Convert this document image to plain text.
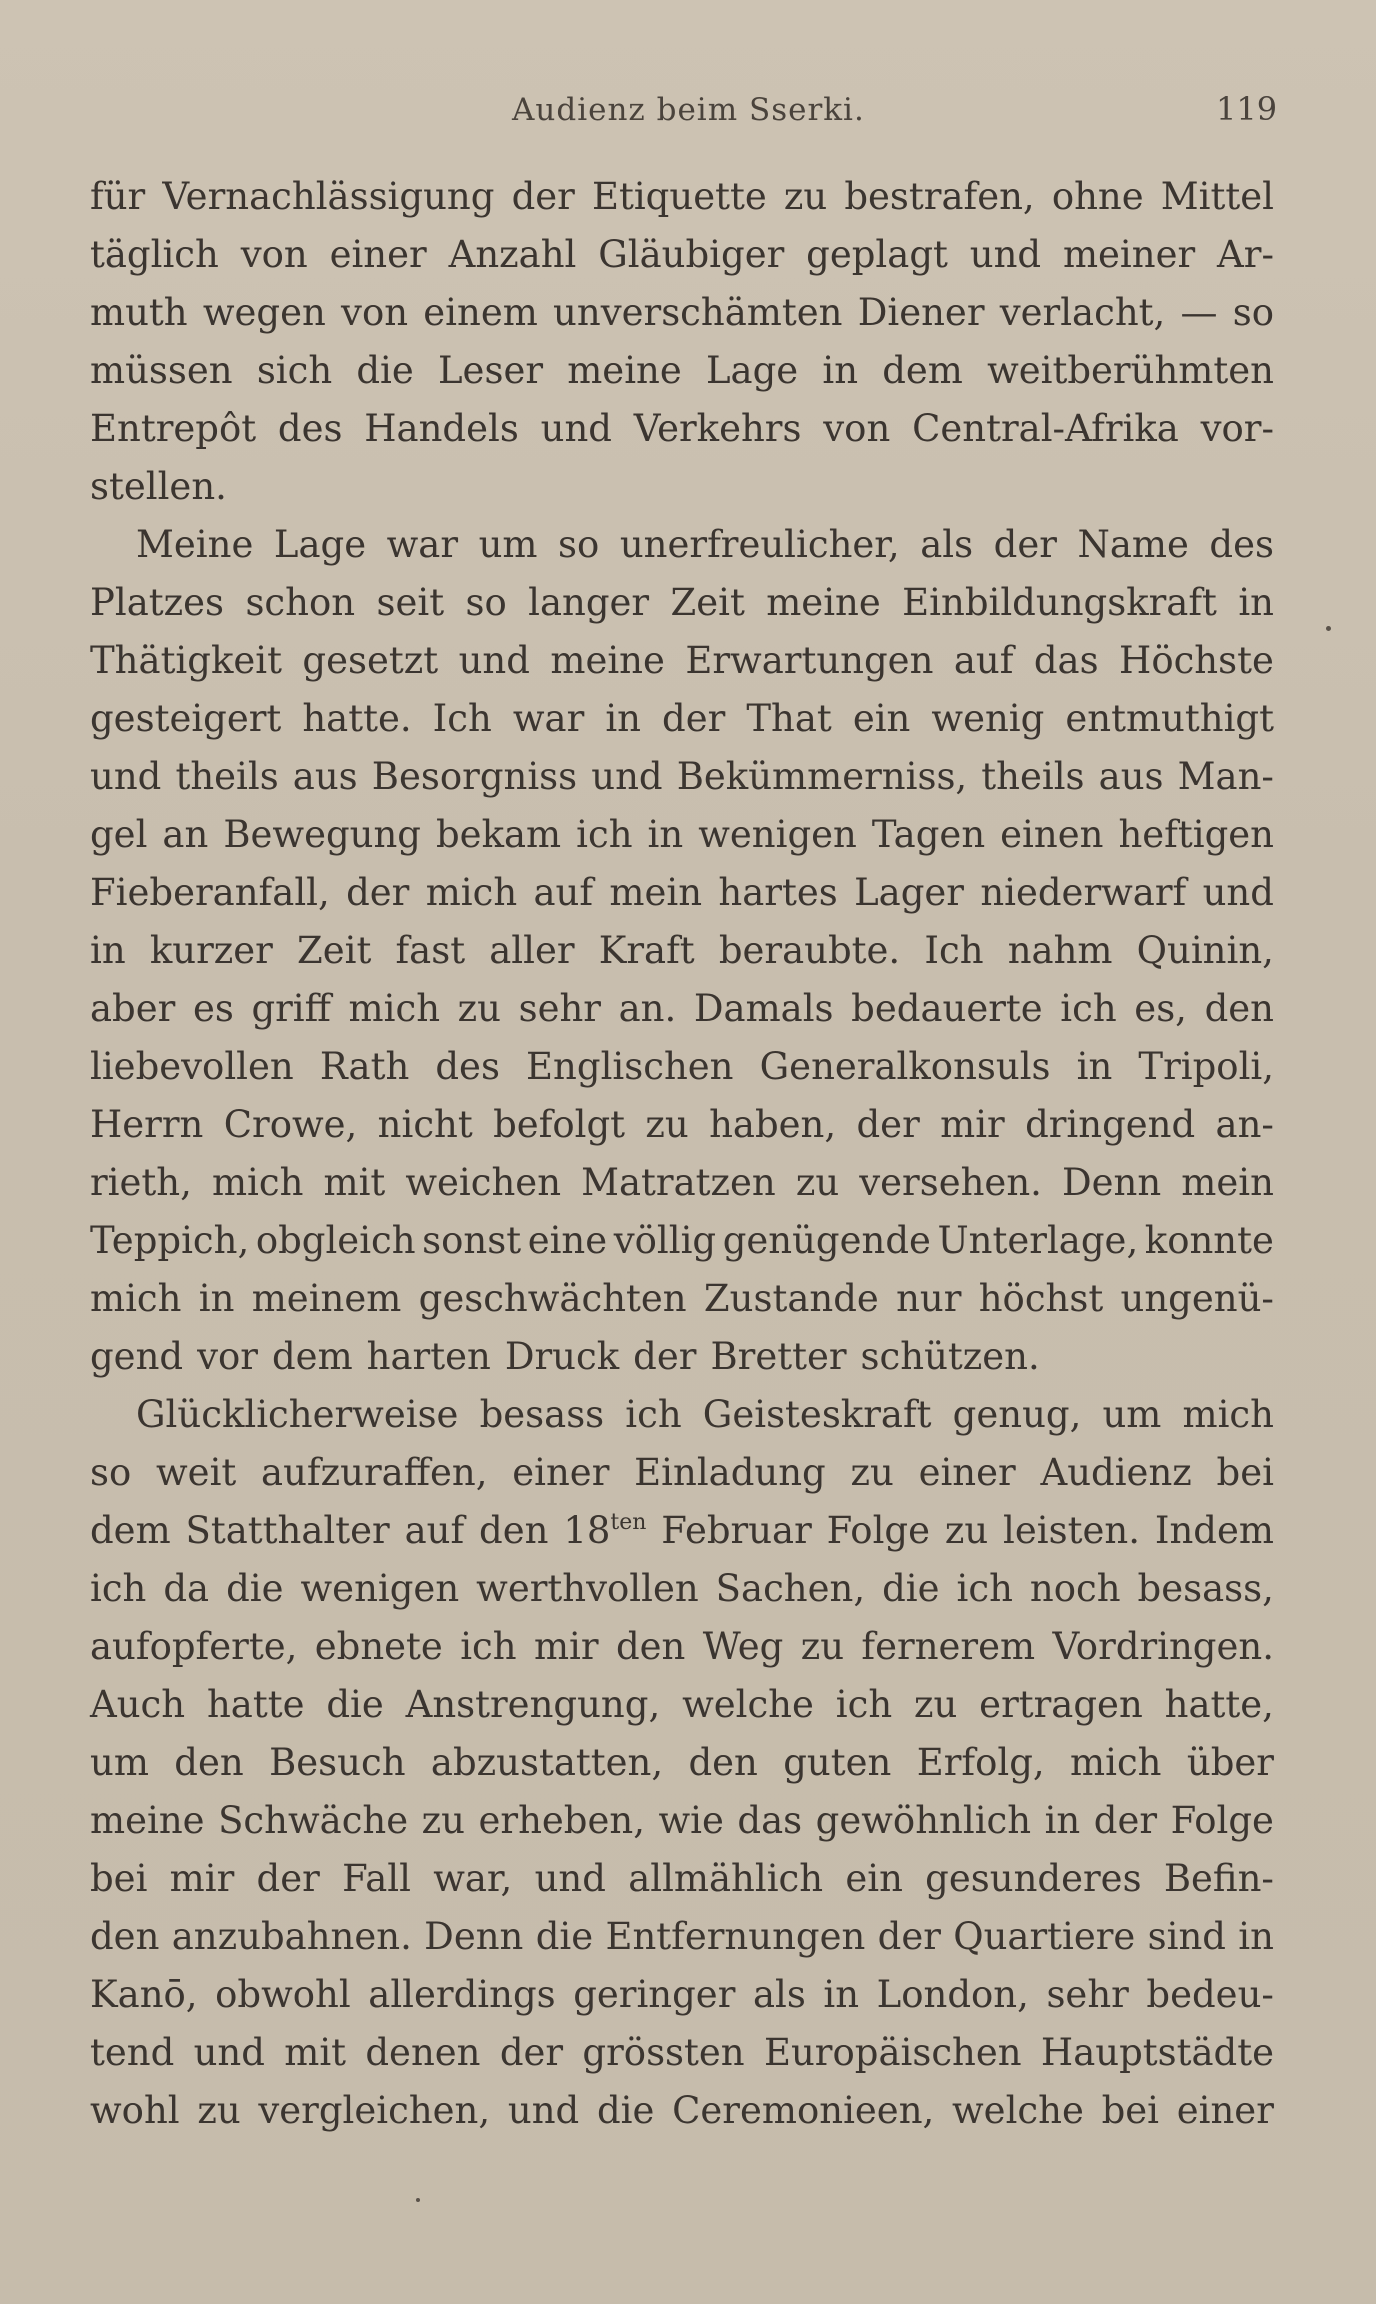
Audienz beim Sserki.	119
für Vernachlässigung der Etiquette zu bestrafen, ohne Mittel
täglich von einer Anzahl Gläubiger geplagt und meiner Ar-
muth wegen von einem unverschämten Diener verlacht, — so
müssen sich die Leser meine Lage in dem weitberühmten
Entrepôt des Handels und Verkehrs von Central-Afrika vor-
stellen.
Meine Lage war um so unerfreulicher, als der Name des
Platzes schon seit so langer Zeit meine Einbildungskraft in
Thätigkeit gesetzt und meine Erwartungen auf das Höchste
gesteigert hatte. Ich war in der That ein wenig entmuthigt
und theils aus Besorgniss und Bekümmerniss, theils aus Man-
gel an Bewegung bekam ich in wenigen Tagen einen heftigen
Fieberanfall, der mich auf mein hartes Lager niederwarf und
in kurzer Zeit fast aller Kraft beraubte. Ich nahm Quinin,
aber es griff mich zu sehr an. Damals bedauerte ich es, den
liebevollen Rath des Englischen Generalkonsuls in Tripoli,
Herrn Crowe, nicht befolgt zu haben, der mir dringend an-
rieth, mich mit weichen Matratzen zu versehen. Denn mein
Teppich, obgleich sonst eine völlig genügende Unterlage, konnte
mich in meinem geschwächten Zustande nur höchst ungenü-
gend vor dem harten Druck der Bretter schützen.
Glücklicherweise besass ich Geisteskraft genug, um mich
so weit aufzuraffen, einer Einladung zu einer Audienz bei
dem Statthalter auf den $18^{ten}$ Februar Folge zu leisten. Indem
ich da die wenigen werthvollen Sachen, die ich noch besass,
aufopferte, ebnete ich mir den Weg zu fernerem Vordringen.
Auch hatte die Anstrengung, welche ich zu ertragen hatte,
um den Besuch abzustatten, den guten Erfolg, mich über
meine Schwäche zu erheben, wie das gewöhnlich in der Folge
bei mir der Fall war, und allmählich ein gesunderes Befin-
den anzubahnen. Denn die Entfernungen der Quartiere sind in
Kanō, obwohl allerdings geringer als in London, sehr bedeu-
tend und mit denen der grössten Europäischen Hauptstädte
wohl zu vergleichen, und die Ceremonieen, welche bei einer
